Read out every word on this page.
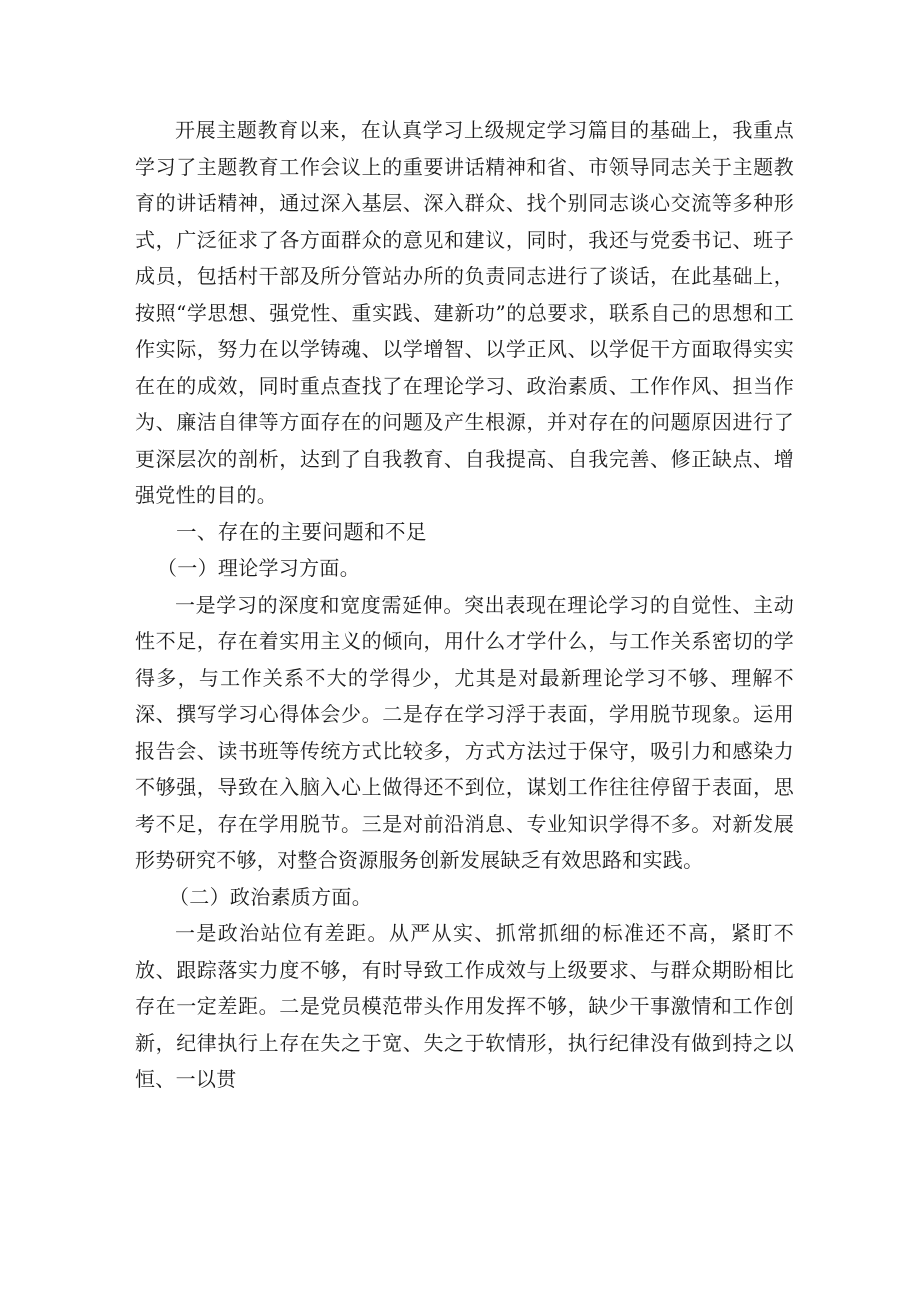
开展主题教育以来，在认真学习上级规定学习篇目的基础上，我重点学习了主题教育工作会议上的重要讲话精神和省、市领导同志关于主题教育的讲话精神，通过深入基层、深入群众、找个别同志谈心交流等多种形式，广泛征求了各方面群众的意见和建议，同时，我还与党委书记、班子成员，包括村干部及所分管站办所的负责同志进行了谈话，在此基础上，按照“学思想、强党性、重实践、建新功”的总要求，联系自己的思想和工作实际，努力在以学铸魂、以学增智、以学正风、以学促干方面取得实实在在的成效，同时重点查找了在理论学习、政治素质、工作作风、担当作为、廉洁自律等方面存在的问题及产生根源，并对存在的问题原因进行了更深层次的剖析，达到了自我教育、自我提高、自我完善、修正缺点、增强党性的目的。

一、存在的主要问题和不足

（一）理论学习方面。

一是学习的深度和宽度需延伸。突出表现在理论学习的自觉性、主动性不足，存在着实用主义的倾向，用什么才学什么，与工作关系密切的学得多，与工作关系不大的学得少，尤其是对最新理论学习不够、理解不深、撰写学习心得体会少。二是存在学习浮于表面，学用脱节现象。运用报告会、读书班等传统方式比较多，方式方法过于保守，吸引力和感染力不够强，导致在入脑入心上做得还不到位，谋划工作往往停留于表面，思考不足，存在学用脱节。三是对前沿消息、专业知识学得不多。对新发展形势研究不够，对整合资源服务创新发展缺乏有效思路和实践。

（二）政治素质方面。

一是政治站位有差距。从严从实、抓常抓细的标准还不高，紧盯不放、跟踪落实力度不够，有时导致工作成效与上级要求、与群众期盼相比存在一定差距。二是党员模范带头作用发挥不够，缺少干事激情和工作创新，纪律执行上存在失之于宽、失之于软情形，执行纪律没有做到持之以恒、一以贯
